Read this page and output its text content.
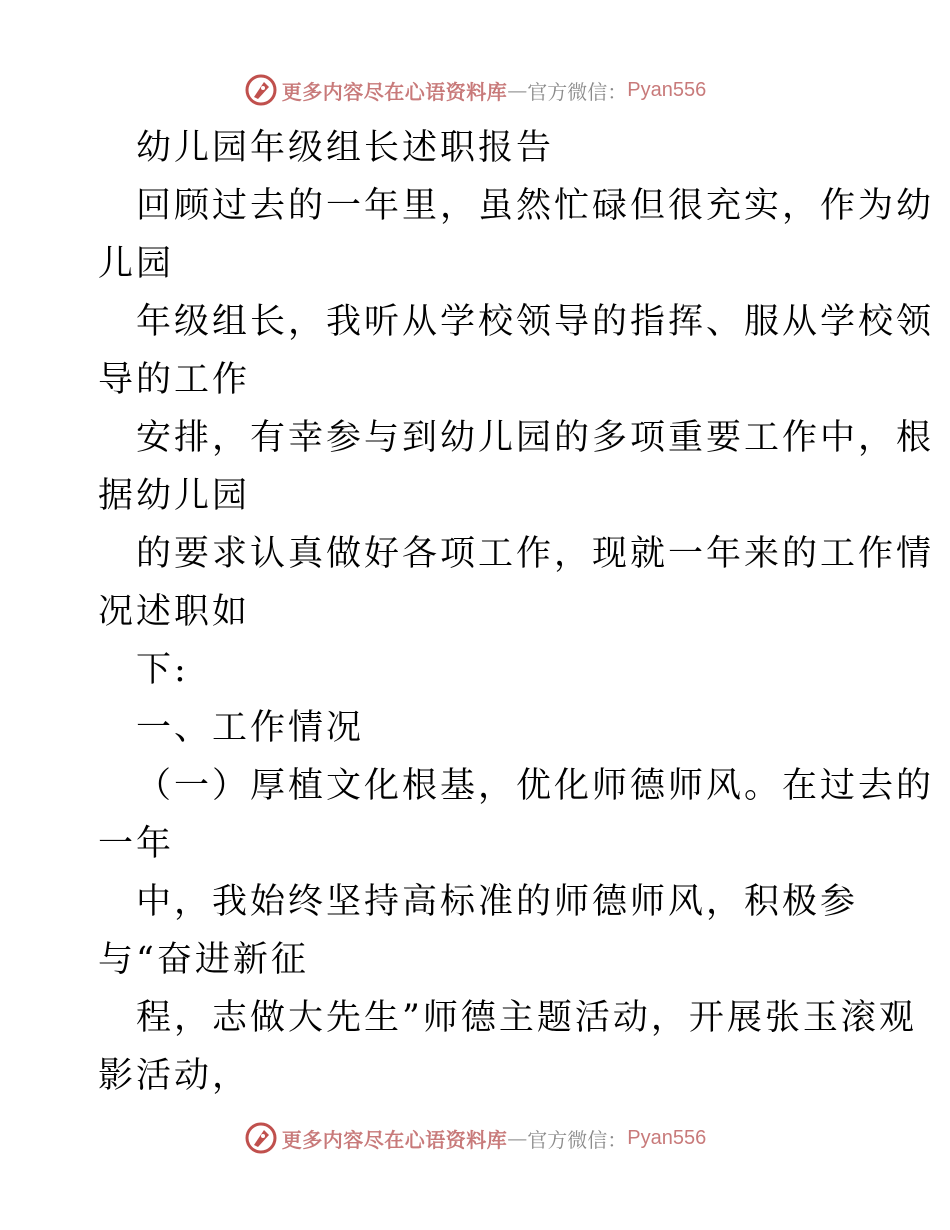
更多内容尽在心语资料库 — 官方微信： Pyan556
幼儿园年级组长述职报告
回顾过去的一年里，虽然忙碌但很充实，作为幼
儿园
年级组长，我听从学校领导的指挥、服从学校领
导的工作
安排，有幸参与到幼儿园的多项重要工作中，根
据幼儿园
的要求认真做好各项工作，现就一年来的工作情
况述职如
下:
一、工作情况
（一）厚植文化根基，优化师德师风。在过去的
一年
中，我始终坚持高标准的师德师风，积极参
与“奋进新征
程，志做大先生”师德主题活动，开展张玉滚观
影活动，
更多内容尽在心语资料库 — 官方微信： Pyan556
